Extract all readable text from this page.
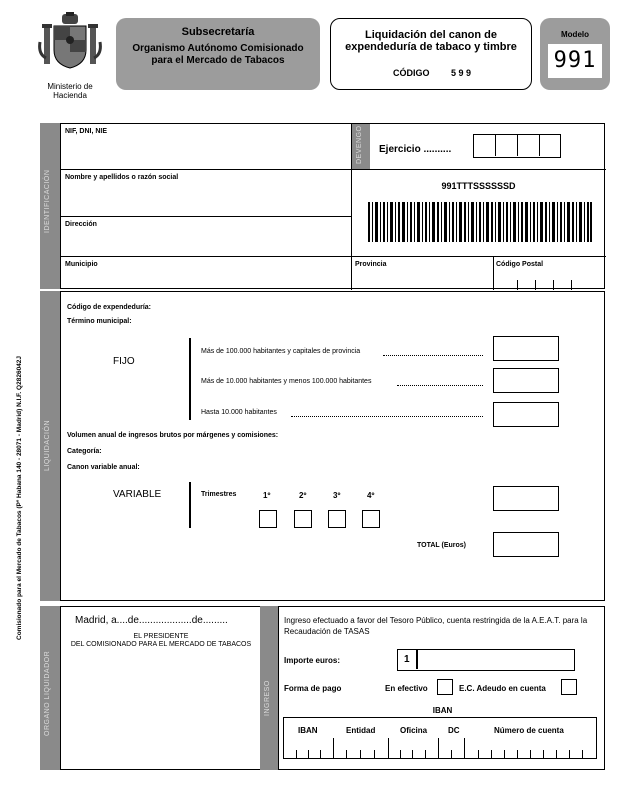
Ministerio de Hacienda
Subsecretaría
Organismo Autónomo Comisionado para el Mercado de Tabacos
Liquidación del canon de expendeduría de tabaco y timbre
CÓDIGO 5 9 9
Modelo
991
Comisionado para el Mercado de Tabacos (Pº Habana 140 - 28071 - Madrid) N.I.F. Q2826042J
IDENTIFICACIÓN
NIF, DNI, NIE
Nombre y apellidos o razón social
Dirección
Municipio	Provincia	Código Postal
DEVENGO Ejercicio ..........
991TTTSSSSSSD
LIQUIDACIÓN
Código de expendeduría:
Término municipal:
FIJO
Más de 100.000 habitantes y capitales de provincia
Más de 10.000 habitantes y menos 100.000 habitantes
Hasta 10.000 habitantes
Volumen anual de ingresos brutos por márgenes y comisiones:
Categoría:
Canon variable anual:
VARIABLE	Trimestres	1º	2º	3º	4º
TOTAL (Euros)
ORGANO LIQUIDADOR
Madrid, a....de...................de.........
EL PRESIDENTE
DEL COMISIONADO PARA EL MERCADO DE TABACOS
INGRESO
Ingreso efectuado a favor del Tesoro Público, cuenta restringida de la A.E.A.T. para la Recaudación de TASAS
Importe euros:	1
Forma de pago	En efectivo	E.C. Adeudo en cuenta
IBAN
IBAN	Entidad	Oficina	DC	Número de cuenta
